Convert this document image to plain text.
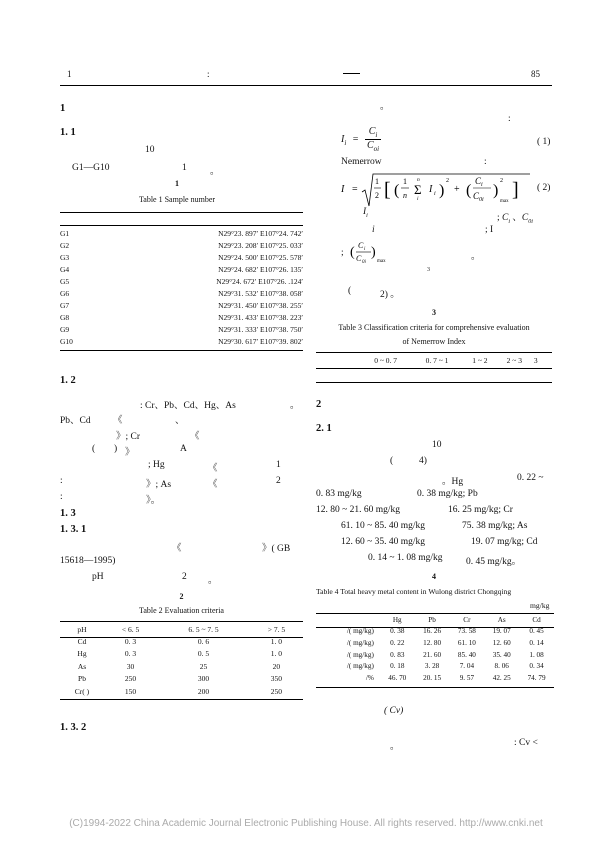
1	:	85
1
1. 1
10
G1—G10	1 。
1
Table 1 Sample number
G1	N29°23. 897′ E107°24. 742′
G2	N29°23. 208′ E107°25. 033′
G3	N29°24. 500′ E107°25. 578′
G4	N29°24. 682′ E107°26. 135′
G5	N29°24. 672′ E107°26. .124′
G6	N29°31. 532′ E107°38. 058′
G7	N29°31. 450′ E107°38. 255′
G8	N29°31. 433′ E107°38. 223′
G9	N29°31. 333′ E107°38. 750′
G10	N29°30. 617′ E107°39. 802′
1. 2
: Cr、Pb、Cd、Hg、As	。
Pb、Cd 《	、
》; Cr	《
( ) 》	A
; Hg	《	1
:	》; As	《	2
:	》。
1. 3
1. 3. 1
《	》( GB
15618—1995)
pH	2 。
2
Table 2 Evaluation criteria
pH	< 6. 5	6. 5 ~ 7. 5	> 7. 5
Cd	0. 3	0. 6	1. 0
Hg	0. 3	0. 5	1. 0
As	30	25	20
Pb	250	300	350
Cr( )	150	200	250
1. 3. 2
。
:
$I_i$ =
$C_i$
$C_{oi}$
( 1)
Nemerrow	:
I =
1
2 [ (
1
n Σ
n
i
I i )
2
+ (
C i
C 0i
)
2
max
] ( 2)
$I_i$	; $C_i$ 、$C_{0i}$
i	; I
; ( C i
C 0i
)
max	。
3
(	2) 。
3
Table 3 Classification criteria for comprehensive evaluation
of Nemerrow Index
0 ~ 0. 7	0. 7 ~ 1	1 ~ 2	2 ~ 3	3
2
2. 1
10
(	4)
。Hg	0. 22 ~
0. 83 mg/kg	0. 38 mg/kg; Pb
12. 80 ~ 21. 60 mg/kg	16. 25 mg/kg; Cr
61. 10 ~ 85. 40 mg/kg	75. 38 mg/kg; As
12. 60 ~ 35. 40 mg/kg	19. 07 mg/kg; Cd
0. 14 ~ 1. 08 mg/kg 0. 45 mg/kg。
4
Table 4 Total heavy metal content in Wulong district Chongqing
mg/kg
	Hg	Pb	Cr	As	Cd
/( mg/kg)	0. 38	16. 26	73. 58	19. 07	0. 45
/( mg/kg)	0. 22	12. 80	61. 10	12. 60	0. 14
/( mg/kg)	0. 83	21. 60	85. 40	35. 40	1. 08
/( mg/kg)	0. 18	3. 28	7. 04	8. 06	0. 34
/%	46. 70	20. 15	9. 57	42. 25	74. 79
( Cv)
。	: Cv <
(C)1994-2022 China Academic Journal Electronic Publishing House. All rights reserved. http://www.cnki.net
